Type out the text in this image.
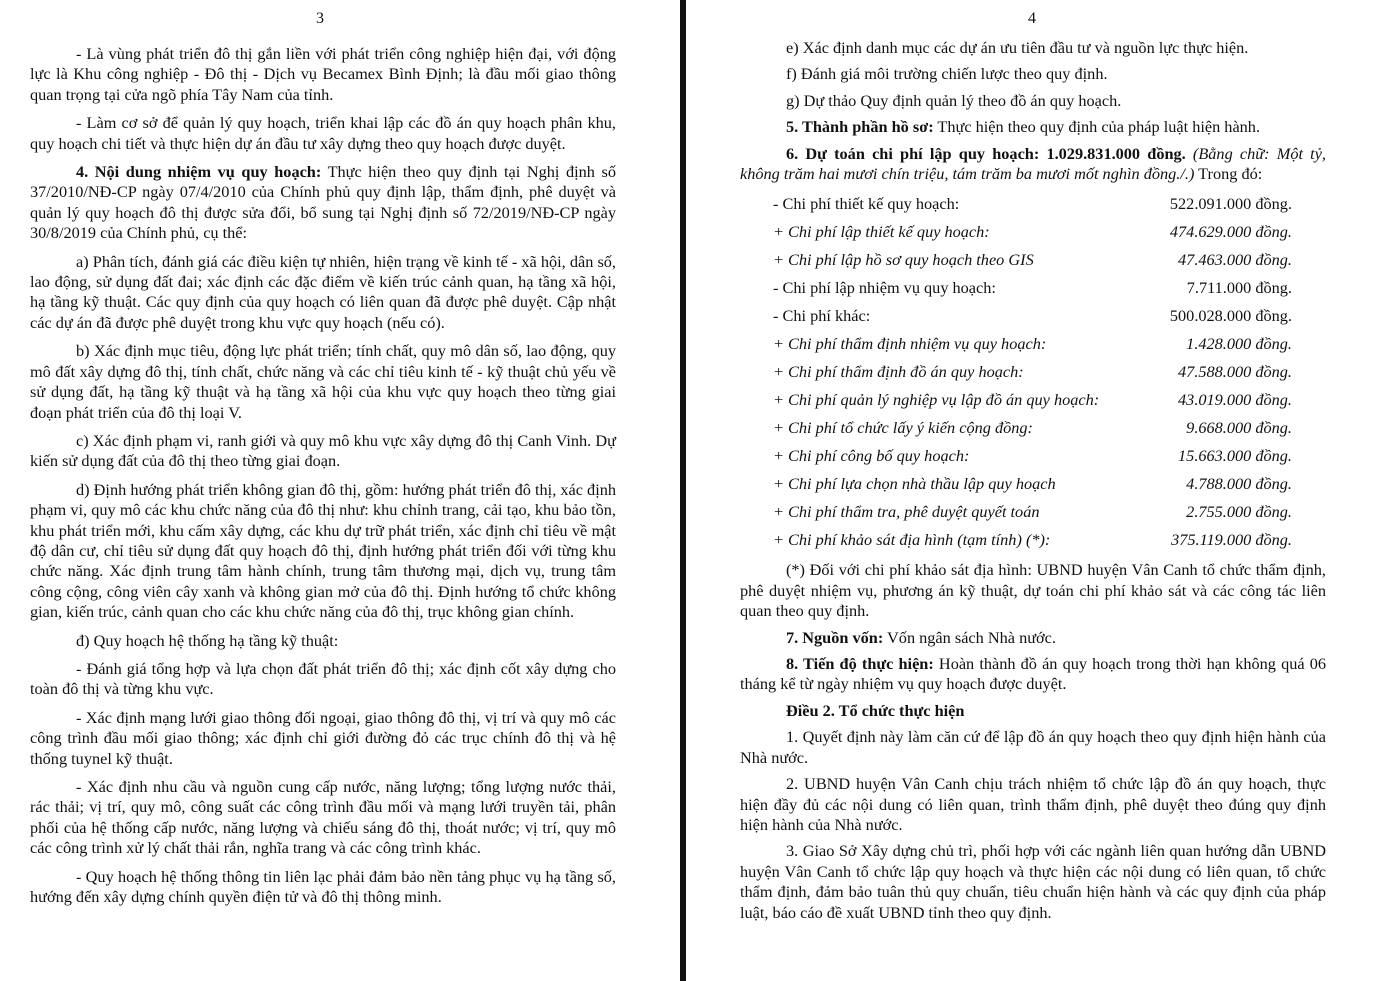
3

- Là vùng phát triển đô thị gắn liền với phát triển công nghiệp hiện đại, với động lực là Khu công nghiệp - Đô thị - Dịch vụ Becamex Bình Định; là đầu mối giao thông quan trọng tại cửa ngõ phía Tây Nam của tỉnh.

- Làm cơ sở để quản lý quy hoạch, triển khai lập các đồ án quy hoạch phân khu, quy hoạch chi tiết và thực hiện dự án đầu tư xây dựng theo quy hoạch được duyệt.

4. Nội dung nhiệm vụ quy hoạch: Thực hiện theo quy định tại Nghị định số 37/2010/NĐ-CP ngày 07/4/2010 của Chính phủ quy định lập, thẩm định, phê duyệt và quản lý quy hoạch đô thị được sửa đổi, bổ sung tại Nghị định số 72/2019/NĐ-CP ngày 30/8/2019 của Chính phủ, cụ thể:

a) Phân tích, đánh giá các điều kiện tự nhiên, hiện trạng về kinh tế - xã hội, dân số, lao động, sử dụng đất đai; xác định các đặc điểm về kiến trúc cảnh quan, hạ tầng xã hội, hạ tầng kỹ thuật. Các quy định của quy hoạch có liên quan đã được phê duyệt. Cập nhật các dự án đã được phê duyệt trong khu vực quy hoạch (nếu có).

b) Xác định mục tiêu, động lực phát triển; tính chất, quy mô dân số, lao động, quy mô đất xây dựng đô thị, tính chất, chức năng và các chỉ tiêu kinh tế - kỹ thuật chủ yếu về sử dụng đất, hạ tầng kỹ thuật và hạ tầng xã hội của khu vực quy hoạch theo từng giai đoạn phát triển của đô thị loại V.

c) Xác định phạm vi, ranh giới và quy mô khu vực xây dựng đô thị Canh Vinh. Dự kiến sử dụng đất của đô thị theo từng giai đoạn.

d) Định hướng phát triển không gian đô thị, gồm: hướng phát triển đô thị, xác định phạm vi, quy mô các khu chức năng của đô thị như: khu chỉnh trang, cải tạo, khu bảo tồn, khu phát triển mới, khu cấm xây dựng, các khu dự trữ phát triển, xác định chỉ tiêu về mật độ dân cư, chỉ tiêu sử dụng đất quy hoạch đô thị, định hướng phát triển đối với từng khu chức năng. Xác định trung tâm hành chính, trung tâm thương mại, dịch vụ, trung tâm công cộng, công viên cây xanh và không gian mở của đô thị. Định hướng tổ chức không gian, kiến trúc, cảnh quan cho các khu chức năng của đô thị, trục không gian chính.

đ) Quy hoạch hệ thống hạ tầng kỹ thuật:

- Đánh giá tổng hợp và lựa chọn đất phát triển đô thị; xác định cốt xây dựng cho toàn đô thị và từng khu vực.

- Xác định mạng lưới giao thông đối ngoại, giao thông đô thị, vị trí và quy mô các công trình đầu mối giao thông; xác định chỉ giới đường đỏ các trục chính đô thị và hệ thống tuynel kỹ thuật.

- Xác định nhu cầu và nguồn cung cấp nước, năng lượng; tổng lượng nước thải, rác thải; vị trí, quy mô, công suất các công trình đầu mối và mạng lưới truyền tải, phân phối của hệ thống cấp nước, năng lượng và chiếu sáng đô thị, thoát nước; vị trí, quy mô các công trình xử lý chất thải rắn, nghĩa trang và các công trình khác.

- Quy hoạch hệ thống thông tin liên lạc phải đảm bảo nền tảng phục vụ hạ tầng số, hướng đến xây dựng chính quyền điện tử và đô thị thông minh.

4

e) Xác định danh mục các dự án ưu tiên đầu tư và nguồn lực thực hiện.

f) Đánh giá môi trường chiến lược theo quy định.

g) Dự thảo Quy định quản lý theo đồ án quy hoạch.

5. Thành phần hồ sơ: Thực hiện theo quy định của pháp luật hiện hành.

6. Dự toán chi phí lập quy hoạch: 1.029.831.000 đồng. (Bằng chữ: Một tỷ, không trăm hai mươi chín triệu, tám trăm ba mươi mốt nghìn đồng./.) Trong đó:

- Chi phí thiết kế quy hoạch:	522.091.000 đồng.
+ Chi phí lập thiết kế quy hoạch:	474.629.000 đồng.
+ Chi phí lập hồ sơ quy hoạch theo GIS	47.463.000 đồng.
- Chi phí lập nhiệm vụ quy hoạch:	7.711.000 đồng.
- Chi phí khác:	500.028.000 đồng.
+ Chi phí thẩm định nhiệm vụ quy hoạch:	1.428.000 đồng.
+ Chi phí thẩm định đồ án quy hoạch:	47.588.000 đồng.
+ Chi phí quản lý nghiệp vụ lập đồ án quy hoạch:	43.019.000 đồng.
+ Chi phí tổ chức lấy ý kiến cộng đồng:	9.668.000 đồng.
+ Chi phí công bố quy hoạch:	15.663.000 đồng.
+ Chi phí lựa chọn nhà thầu lập quy hoạch	4.788.000 đồng.
+ Chi phí thẩm tra, phê duyệt quyết toán	2.755.000 đồng.
+ Chi phí khảo sát địa hình (tạm tính) (*):	375.119.000 đồng.

(*) Đối với chi phí khảo sát địa hình: UBND huyện Vân Canh tổ chức thẩm định, phê duyệt nhiệm vụ, phương án kỹ thuật, dự toán chi phí khảo sát và các công tác liên quan theo quy định.

7. Nguồn vốn: Vốn ngân sách Nhà nước.

8. Tiến độ thực hiện: Hoàn thành đồ án quy hoạch trong thời hạn không quá 06 tháng kể từ ngày nhiệm vụ quy hoạch được duyệt.

Điều 2. Tổ chức thực hiện

1. Quyết định này làm căn cứ để lập đồ án quy hoạch theo quy định hiện hành của Nhà nước.

2. UBND huyện Vân Canh chịu trách nhiệm tổ chức lập đồ án quy hoạch, thực hiện đầy đủ các nội dung có liên quan, trình thẩm định, phê duyệt theo đúng quy định hiện hành của Nhà nước.

3. Giao Sở Xây dựng chủ trì, phối hợp với các ngành liên quan hướng dẫn UBND huyện Vân Canh tổ chức lập quy hoạch và thực hiện các nội dung có liên quan, tổ chức thẩm định, đảm bảo tuân thủ quy chuẩn, tiêu chuẩn hiện hành và các quy định của pháp luật, báo cáo đề xuất UBND tỉnh theo quy định.
